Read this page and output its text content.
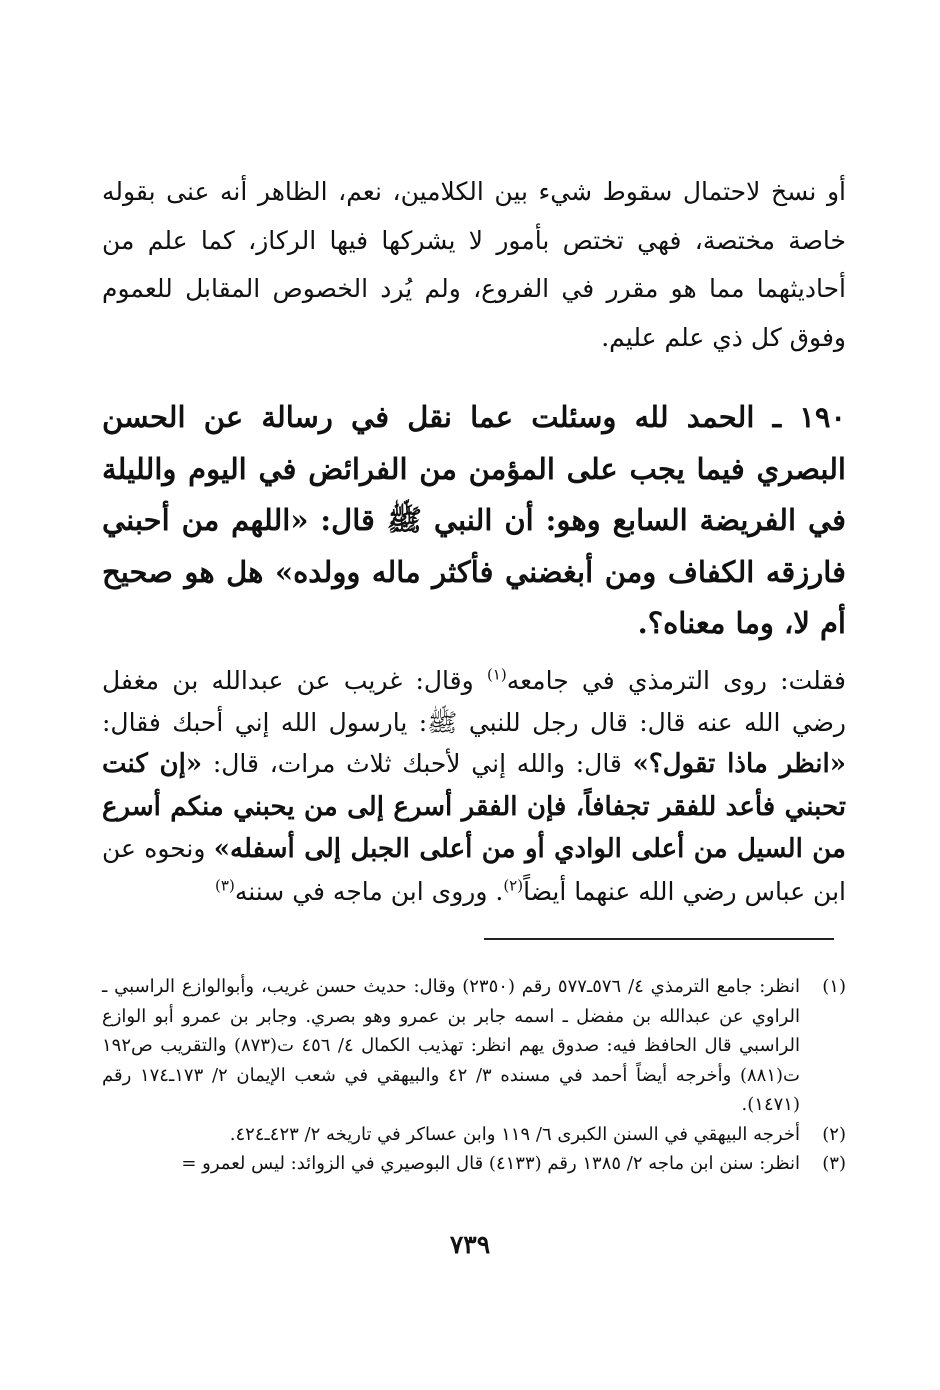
أو نسخ لاحتمال سقوط شيء بين الكلامين، نعم، الظاهر أنه عنى بقوله خاصة مختصة، فهي تختص بأمور لا يشركها فيها الركاز، كما علم من أحاديثهما مما هو مقرر في الفروع، ولم يُرد الخصوص المقابل للعموم وفوق كل ذي علم عليم.

١٩٠ ـ الحمد لله وسئلت عما نقل في رسالة عن الحسن البصري فيما يجب على المؤمن من الفرائض في اليوم والليلة في الفريضة السابع وهو: أن النبي ﷺ قال: «اللهم من أحبني فارزقه الكفاف ومن أبغضني فأكثر ماله وولده» هل هو صحيح أم لا، وما معناه؟.

فقلت: روى الترمذي في جامعه$^{(١)}$ وقال: غريب عن عبدالله بن مغفل رضي الله عنه قال: قال رجل للنبي ﷺ: يارسول الله إني أحبك فقال: «انظر ماذا تقول؟» قال: والله إني لأحبك ثلاث مرات، قال: «إن كنت تحبني فأعد للفقر تجفافاً، فإن الفقر أسرع إلى من يحبني منكم أسرع من السيل من أعلى الوادي أو من أعلى الجبل إلى أسفله» ونحوه عن ابن عباس رضي الله عنهما أيضاً$^{(٢)}$. وروى ابن ماجه في سننه$^{(٣)}$

(١)
انظر: جامع الترمذي ٤/ ٥٧٦ـ٥٧٧ رقم (٢٣٥٠) وقال: حديث حسن غريب، وأبوالوازع الراسبي ـ الراوي عن عبدالله بن مفضل ـ اسمه جابر بن عمرو وهو بصري. وجابر بن عمرو أبو الوازع الراسبي قال الحافظ فيه: صدوق يهم انظر: تهذيب الكمال ٤/ ٤٥٦ ت(٨٧٣) والتقريب ص١٩٢ ت(٨٨١) وأخرجه أيضاً أحمد في مسنده ٣/ ٤٢ والبيهقي في شعب الإيمان ٢/ ١٧٣ـ١٧٤ رقم (١٤٧١).
(٢)
أخرجه البيهقي في السنن الكبرى ٦/ ١١٩ وابن عساكر في تاريخه ٢/ ٤٢٣ـ٤٢٤.
(٣)
انظر: سنن ابن ماجه ٢/ ١٣٨٥ رقم (٤١٣٣) قال البوصيري في الزوائد: ليس لعمرو =
٧٣٩
